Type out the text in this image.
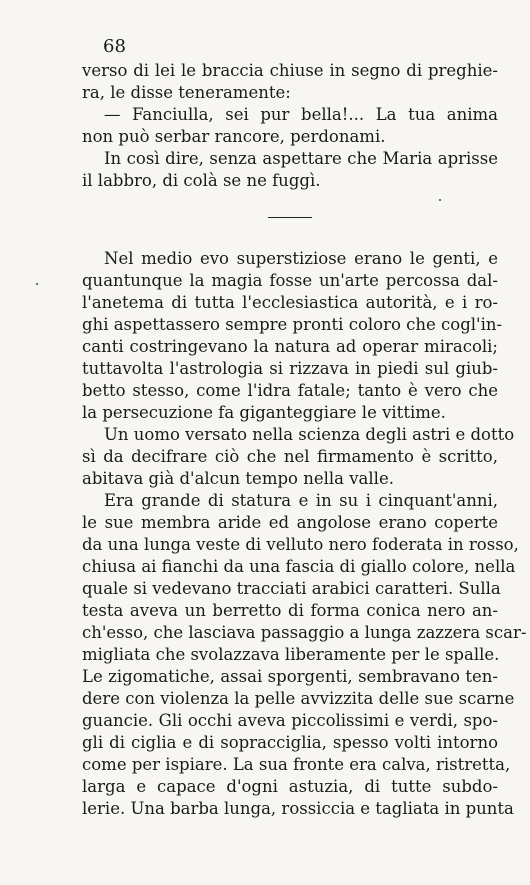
68
verso di lei le braccia chiuse in segno di preghie-
ra, le disse teneramente:
— Fanciulla, sei pur bella!... La tua anima
non può serbar rancore, perdonami.
In così dire, senza aspettare che Maria aprisse
il labbro, di colà se ne fuggì.
Nel medio evo superstiziose erano le genti, e
quantunque la magia fosse un'arte percossa dal-
l'anetema di tutta l'ecclesiastica autorità, e i ro-
ghi aspettassero sempre pronti coloro che cogl'in-
canti costringevano la natura ad operar miracoli;
tuttavolta l'astrologia si rizzava in piedi sul giub-
betto stesso, come l'idra fatale; tanto è vero che
la persecuzione fa giganteggiare le vittime.
Un uomo versato nella scienza degli astri e dotto
sì da decifrare ciò che nel firmamento è scritto,
abitava già d'alcun tempo nella valle.
Era grande di statura e in su i cinquant'anni,
le sue membra aride ed angolose erano coperte
da una lunga veste di velluto nero foderata in rosso,
chiusa ai fianchi da una fascia di giallo colore, nella
quale si vedevano tracciati arabici caratteri. Sulla
testa aveva un berretto di forma conica nero an-
ch'esso, che lasciava passaggio a lunga zazzera scar-
migliata che svolazzava liberamente per le spalle.
Le zigomatiche, assai sporgenti, sembravano ten-
dere con violenza la pelle avvizzita delle sue scarne
guancie. Gli occhi aveva piccolissimi e verdi, spo-
gli di ciglia e di sopracciglia, spesso volti intorno
come per ispiare. La sua fronte era calva, ristretta,
larga e capace d'ogni astuzia, di tutte subdo-
lerie. Una barba lunga, rossiccia e tagliata in punta
